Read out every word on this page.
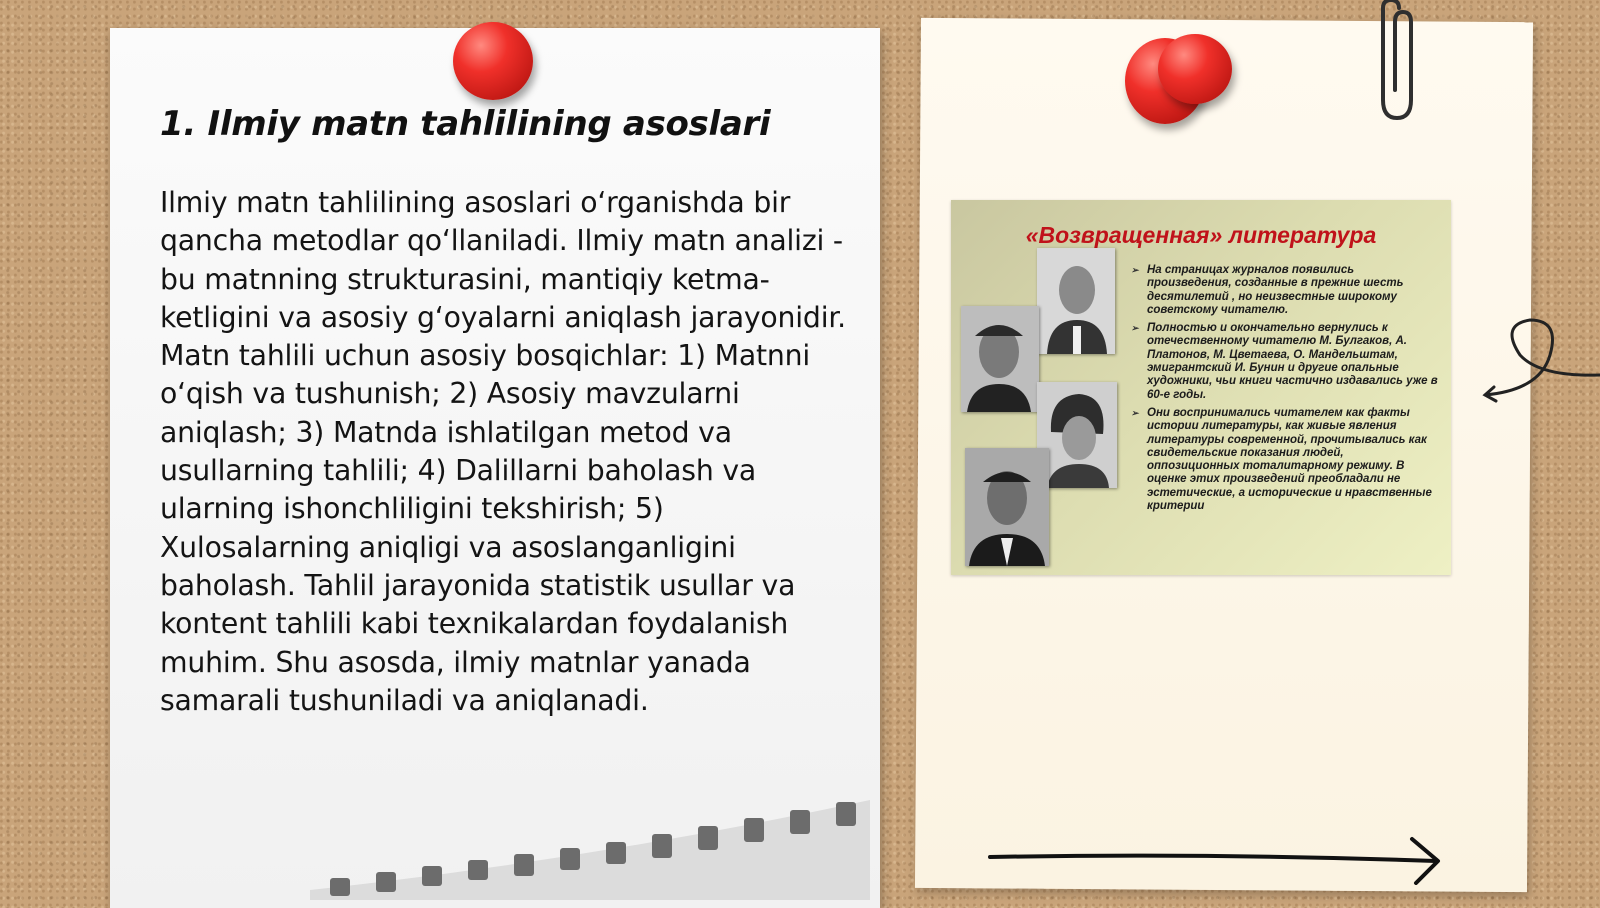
1. Ilmiy matn tahlilining asoslari

Ilmiy matn tahlilining asoslari o‘rganishda bir qancha metodlar qo‘llaniladi. Ilmiy matn analizi - bu matnning strukturasini, mantiqiy ketma-ketligini va asosiy g‘oyalarni aniqlash jarayonidir. Matn tahlili uchun asosiy bosqichlar: 1) Matnni o‘qish va tushunish; 2) Asosiy mavzularni aniqlash; 3) Matnda ishlatilgan metod va usullarning tahlili; 4) Dalillarni baholash va ularning ishonchliligini tekshirish; 5) Xulosalarning aniqligi va asoslanganligini baholash. Tahlil jarayonida statistik usullar va kontent tahlili kabi texnikalardan foydalanish muhim. Shu asosda, ilmiy matnlar yanada samarali tushuniladi va aniqlanadi.

«Возвращенная» литература
➢ На страницах журналов появились произведения, созданные в прежние шесть десятилетий , но неизвестные широкому советскому читателю.
➢ Полностью и окончательно вернулись к отечественному читателю М. Булгаков, А. Платонов, М. Цветаева, О. Мандельштам, эмигрантский И. Бунин и другие опальные художники, чьи книги частично издавались уже в 60-е годы.
➢ Они воспринимались читателем как факты истории литературы, как живые явления литературы современной, прочитывались как свидетельские показания людей, оппозиционных тоталитарному режиму. В оценке этих произведений преобладали не эстетические, а исторические и нравственные критерии
